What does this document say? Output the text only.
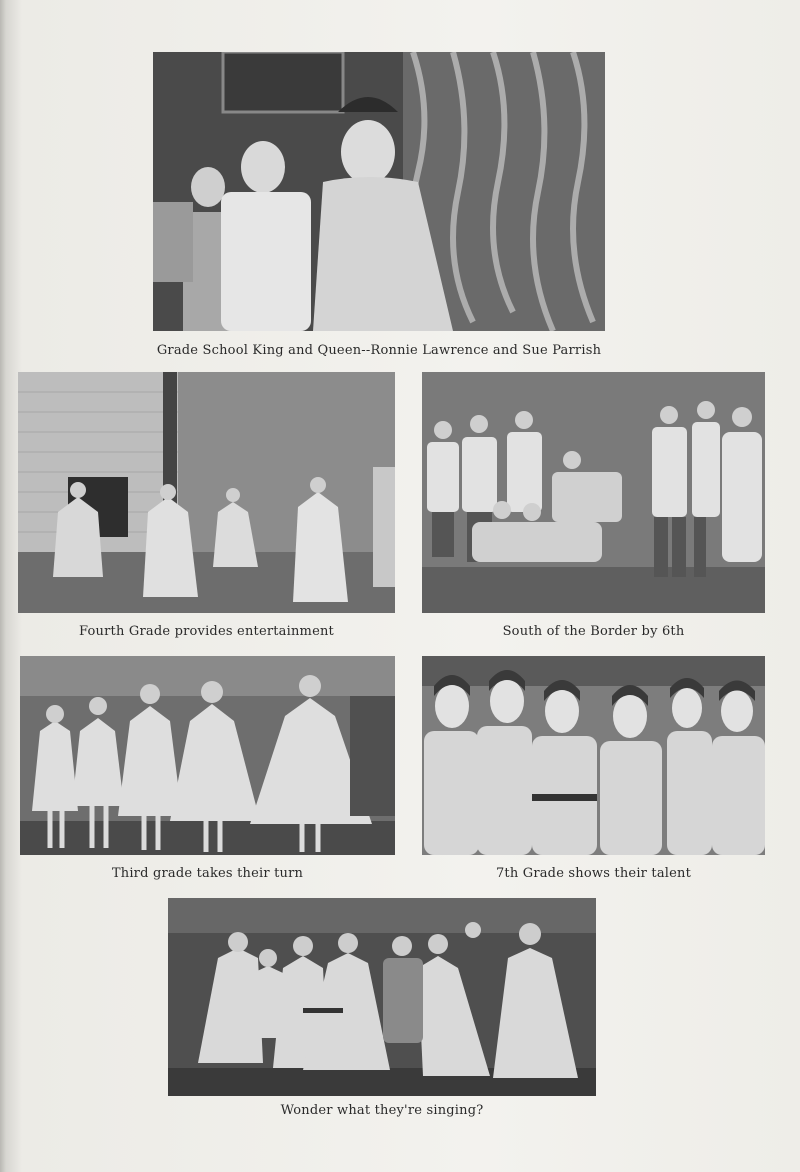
Grade School King and Queen--Ronnie Lawrence and Sue Parrish
Fourth Grade provides entertainment	South of the Border by 6th
Third grade takes their turn	7th Grade shows their talent
Wonder what they're singing?
